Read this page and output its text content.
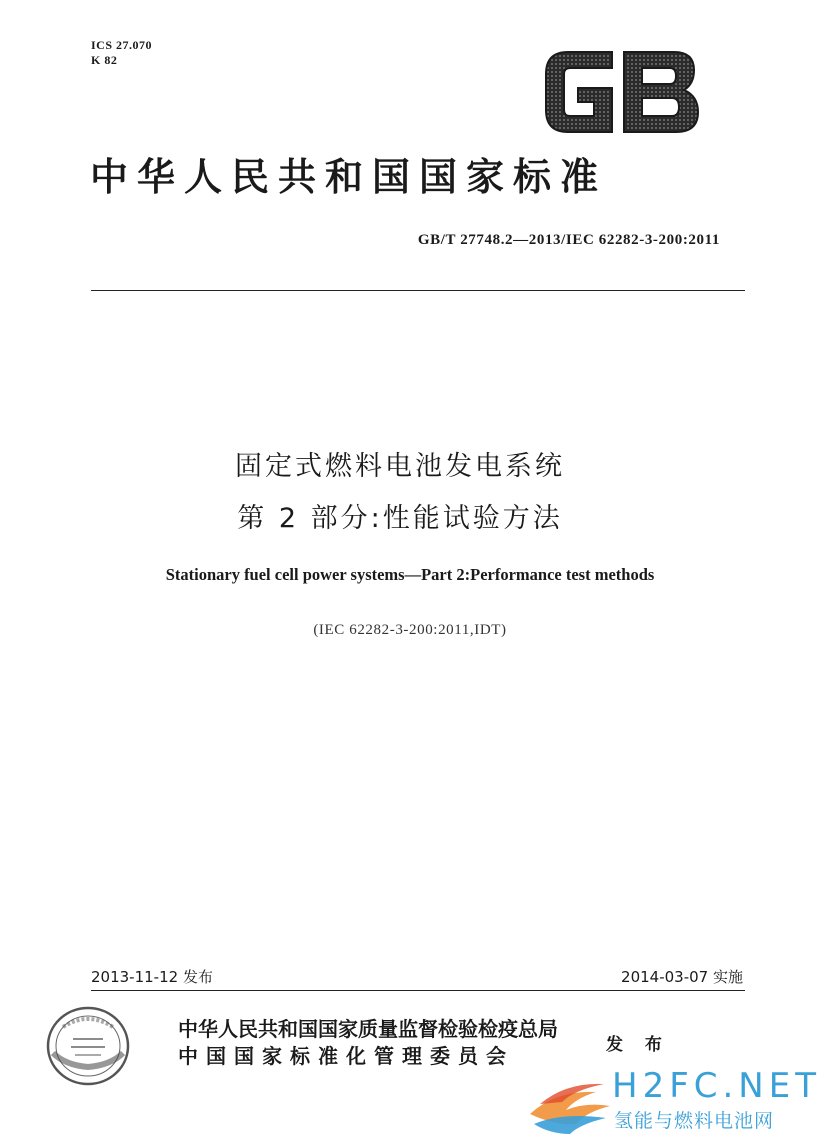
ICS 27.070
K 82
中华人民共和国国家标准
GB/T 27748.2—2013/IEC 62282-3-200:2011
固定式燃料电池发电系统
第 2 部分:性能试验方法
Stationary fuel cell power systems—Part 2:Performance test methods
(IEC 62282-3-200:2011,IDT)
2013-11-12 发布	2014-03-07 实施
中华人民共和国国家质量监督检验检疫总局
中国国家标准化管理委员会	发 布
H2FC.NET
氢能与燃料电池网
